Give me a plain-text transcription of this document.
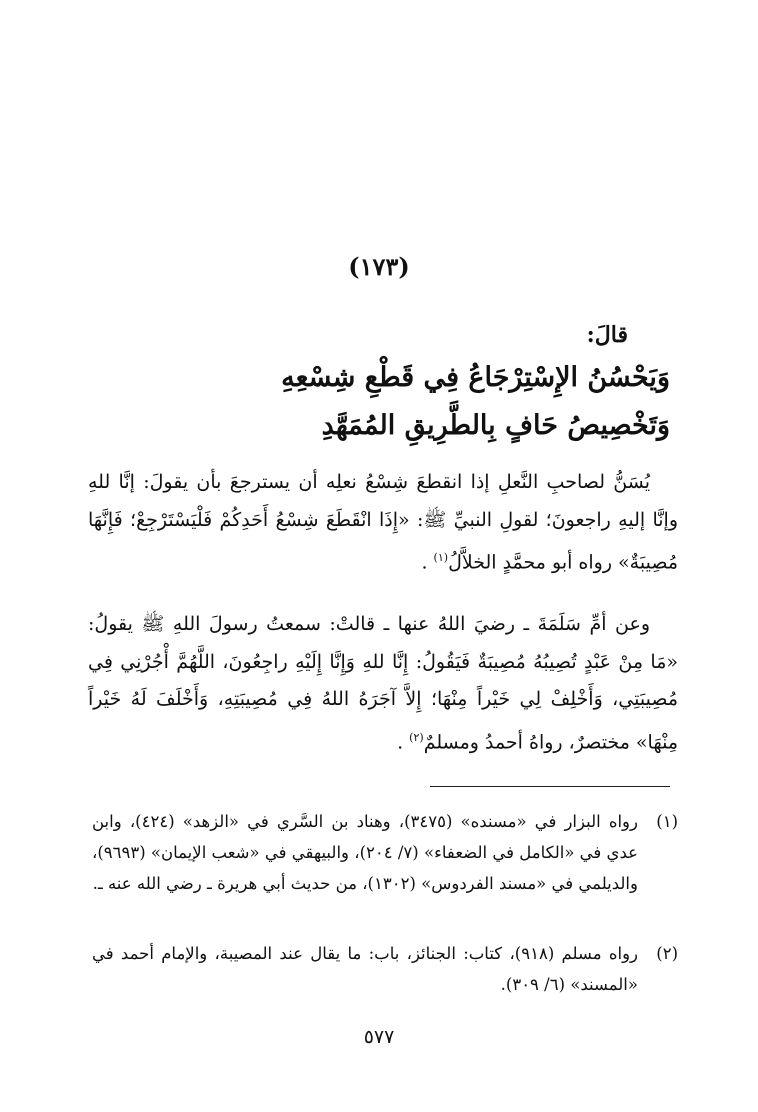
(١٧٣)
قالَ:
وَيَحْسُنُ الإِسْتِرْجَاعُ فِي قَطْعِ شِسْعِهِ
وَتَخْصِيصُ حَافٍ بِالطَّرِيقِ المُمَهَّدِ
يُسَنُّ لصاحبِ النَّعلِ إذا انقطعَ شِسْعُ نعلِه أن يسترجعَ بأن يقولَ: إنَّا للهِ وإنَّا إليهِ راجعونَ؛ لقولِ النبيِّ ﷺ: «إِذَا انْقَطَعَ شِسْعُ أَحَدِكُمْ فَلْيَسْتَرْجِعْ؛ فَإِنَّهَا مُصِيبَةٌ» رواه أبو محمَّدٍ الخلاَّلُ$^{(١)}$ .
وعن أمِّ سَلَمَةَ ـ رضيَ اللهُ عنها ـ قالتْ: سمعتُ رسولَ اللهِ ﷺ يقولُ: «مَا مِنْ عَبْدٍ تُصِيبُهُ مُصِيبَةٌ فَيَقُولُ: إِنَّا للهِ وَإِنَّا إِلَيْهِ راجِعُونَ، اللَّهُمَّ أْجُرْنِي فِي مُصِيبَتِي، وَأَخْلِفْ لِي خَيْراً مِنْهَا؛ إِلاَّ آجَرَهُ اللهُ فِي مُصِيبَتِهِ، وَأَخْلَفَ لَهُ خَيْراً مِنْهَا» مختصرٌ، رواهُ أحمدُ ومسلمٌ$^{(٢)}$ .
(١)
رواه البزار في «مسنده» (٣٤٧٥)، وهناد بن السَّري في «الزهد» (٤٢٤)، وابن عدي في «الكامل في الضعفاء» (٧/ ٢٠٤)، والبيهقي في «شعب الإيمان» (٩٦٩٣)، والديلمي في «مسند الفردوس» (١٣٠٢)، من حديث أبي هريرة ـ رضي الله عنه ـ.
(٢)
رواه مسلم (٩١٨)، كتاب: الجنائز، باب: ما يقال عند المصيبة، والإمام أحمد في «المسند» (٦/ ٣٠٩).
٥٧٧
